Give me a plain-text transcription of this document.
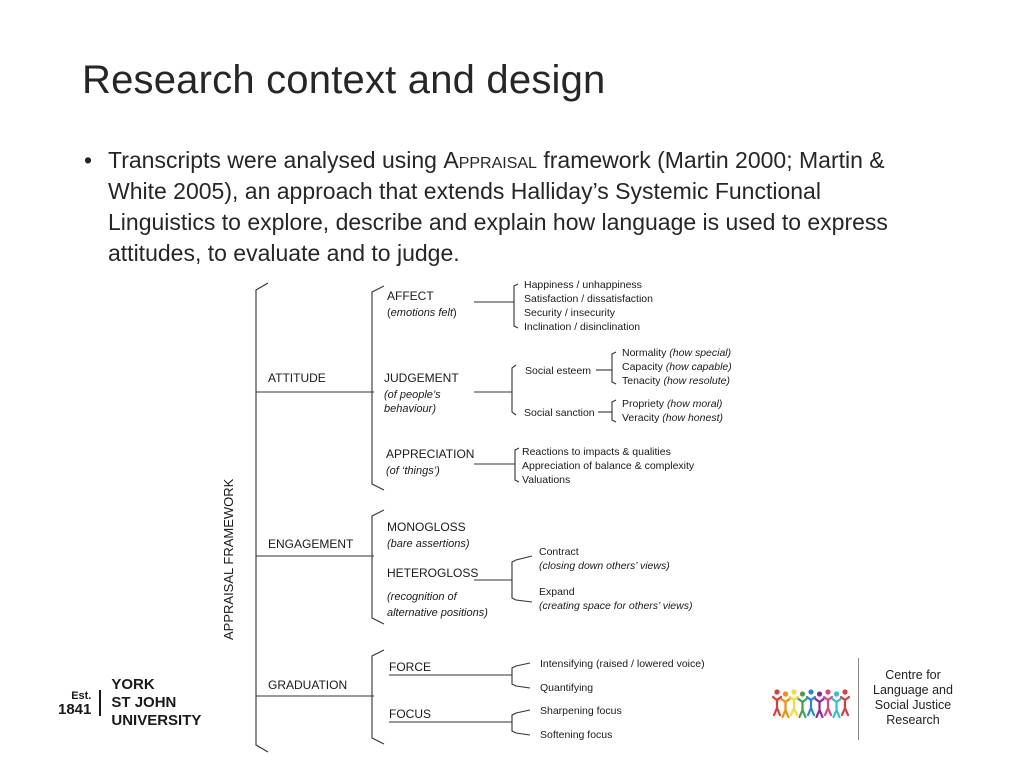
Research context and design
• Transcripts were analysed using Appraisal framework (Martin 2000; Martin & White 2005), an approach that extends Halliday’s Systemic Functional Linguistics to explore, describe and explain how language is used to express attitudes, to evaluate and to judge.
APPRAISAL FRAMEWORK
ATTITUDE
ENGAGEMENT
GRADUATION
AFFECT
(emotions felt)
JUDGEMENT
(of people’s
behaviour)
APPRECIATION
(of ‘things’)
Happiness / unhappiness
Satisfaction / dissatisfaction
Security / insecurity
Inclination / disinclination
Social esteem
Social sanction
Normality (how special)
Capacity (how capable)
Tenacity (how resolute)
Propriety (how moral)
Veracity (how honest)
Reactions to impacts & qualities
Appreciation of balance & complexity
Valuations
MONOGLOSS
(bare assertions)
HETEROGLOSS
(recognition of
alternative positions)
Contract
(closing down others’ views)
Expand
(creating space for others’ views)
FORCE
FOCUS
Intensifying (raised / lowered voice)
Quantifying
Sharpening focus
Softening focus
Est.
1841
YORK
ST JOHN
UNIVERSITY
Centre for
Language and
Social Justice
Research
